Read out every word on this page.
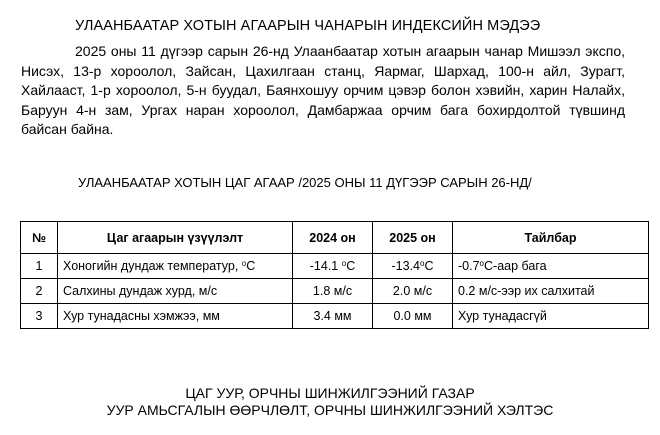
УЛААНБААТАР ХОТЫН АГААРЫН ЧАНАРЫН ИНДЕКСИЙН МЭДЭЭ
2025 оны 11 дүгээр сарын 26-нд Улаанбаатар хотын агаарын чанар Мишээл экспо, Нисэх, 13-р хороолол, Зайсан, Цахилгаан станц, Яармаг, Шархад, 100-н айл, Зурагт, Хайлааст, 1-р хороолол, 5-н буудал, Баянхошуу орчим цэвэр болон хэвийн, харин Налайх, Баруун 4-н зам, Ургах наран хороолол, Дамбаржаа орчим бага бохирдолтой түвшинд байсан байна.
УЛААНБААТАР ХОТЫН ЦАГ АГААР /2025 ОНЫ 11 ДҮГЭЭР САРЫН 26-НД/
№	Цаг агаарын үзүүлэлт	2024 он	2025 он	Тайлбар
1	Хоногийн дундаж температур, $^o$C	-14.1 $^o$C	-13.4$^o$C	-0.7$^o$С-аар бага
2	Салхины дундаж хурд, м/с	1.8 м/с	2.0 м/с	0.2 м/с-ээр их салхитай
3	Хур тунадасны хэмжээ, мм	3.4 мм	0.0 мм	Хур тунадасгүй
ЦАГ УУР, ОРЧНЫ ШИНЖИЛГЭЭНИЙ ГАЗАР
УУР АМЬСГАЛЫН ӨӨРЧЛӨЛТ, ОРЧНЫ ШИНЖИЛГЭЭНИЙ ХЭЛТЭС
